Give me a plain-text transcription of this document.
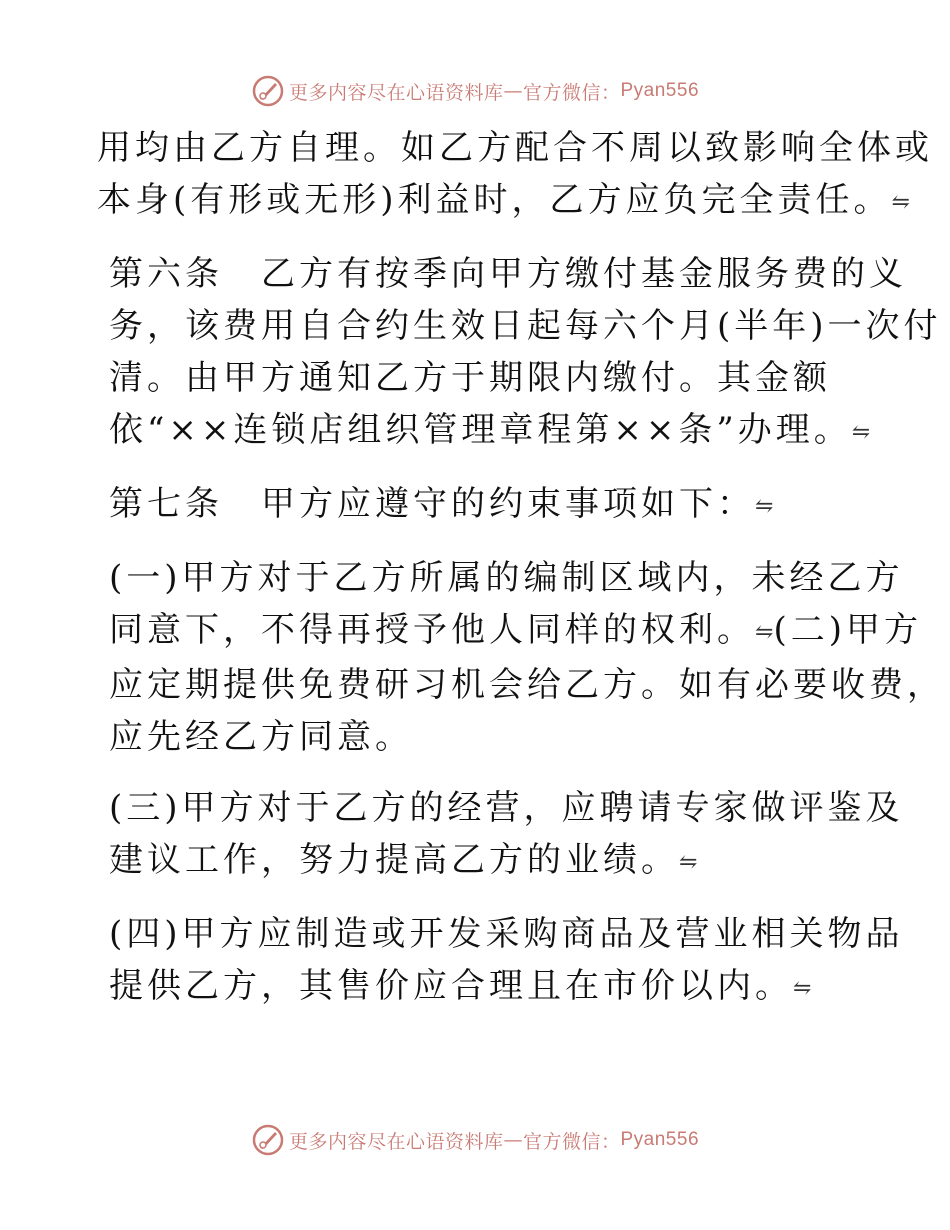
更多内容尽在心语资料库 — 官方微信： Pyan556

用均由乙方自理。如乙方配合不周以致影响全体或
本身(有形或无形)利益时，乙方应负完全责任。⇋

第六条　乙方有按季向甲方缴付基金服务费的义
务，该费用自合约生效日起每六个月(半年)一次付
清。由甲方通知乙方于期限内缴付。其金额
依“××连锁店组织管理章程第××条”办理。⇋

第七条　甲方应遵守的约束事项如下：⇋

(一)甲方对于乙方所属的编制区域内，未经乙方
同意下，不得再授予他人同样的权利。⇋(二)甲方
应定期提供免费研习机会给乙方。如有必要收费，
应先经乙方同意。

(三)甲方对于乙方的经营，应聘请专家做评鉴及
建议工作，努力提高乙方的业绩。⇋

(四)甲方应制造或开发采购商品及营业相关物品
提供乙方，其售价应合理且在市价以内。⇋

更多内容尽在心语资料库 — 官方微信： Pyan556
